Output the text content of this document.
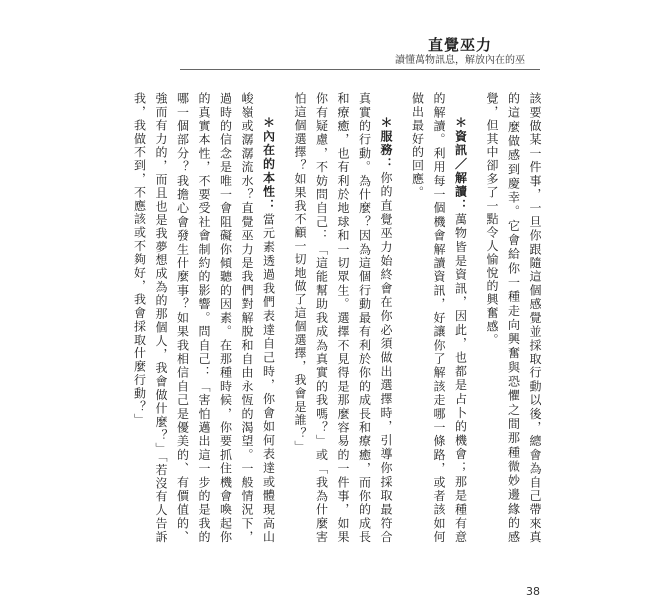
直覺巫力
讀懂萬物訊息，解放內在的巫

該要做某一件事，一旦你跟隨這個感覺並採取行動以後，總會為自己帶來真的這麼做感到慶幸。它會給你一種走向興奮與恐懼之間那種微妙邊緣的感覺，但其中卻多了一點令人愉悅的興奮感。

＊資訊／解讀：萬物皆是資訊，因此，也都是占卜的機會；那是種有意的解讀。利用每一個機會解讀資訊，好讓你了解該走哪一條路，或者該如何做出最好的回應。

＊服務：你的直覺巫力始終會在你必須做出選擇時，引導你採取最符合真實的行動。為什麼？因為這個行動最有利於你的成長和療癒，而你的成長和療癒，也有利於地球和一切眾生。選擇不見得是那麼容易的一件事，如果你有疑慮，不妨問自己：「這能幫助我成為真實的我嗎？」或「我為什麼害怕這個選擇？如果我不顧一切地做了這個選擇，我會是誰？」

＊內在的本性：當元素透過我們表達自己時，你會如何表達或體現高山峻嶺或潺潺流水？直覺巫力是我們對解脫和自由永恆的渴望。一般情況下，過時的信念是唯一會阻礙你傾聽的因素。在那種時候，你要抓住機會喚起你的真實本性，不要受社會制約的影響。問自己：「害怕邁出這一步的是我的哪一個部分？我擔心會發生什麼事？如果我相信自己是優美的、有價值的、強而有力的，而且也是我夢想成為的那個人，我會做什麼？」「若沒有人告訴我，我做不到，不應該或不夠好，我會採取什麼行動？」

38
